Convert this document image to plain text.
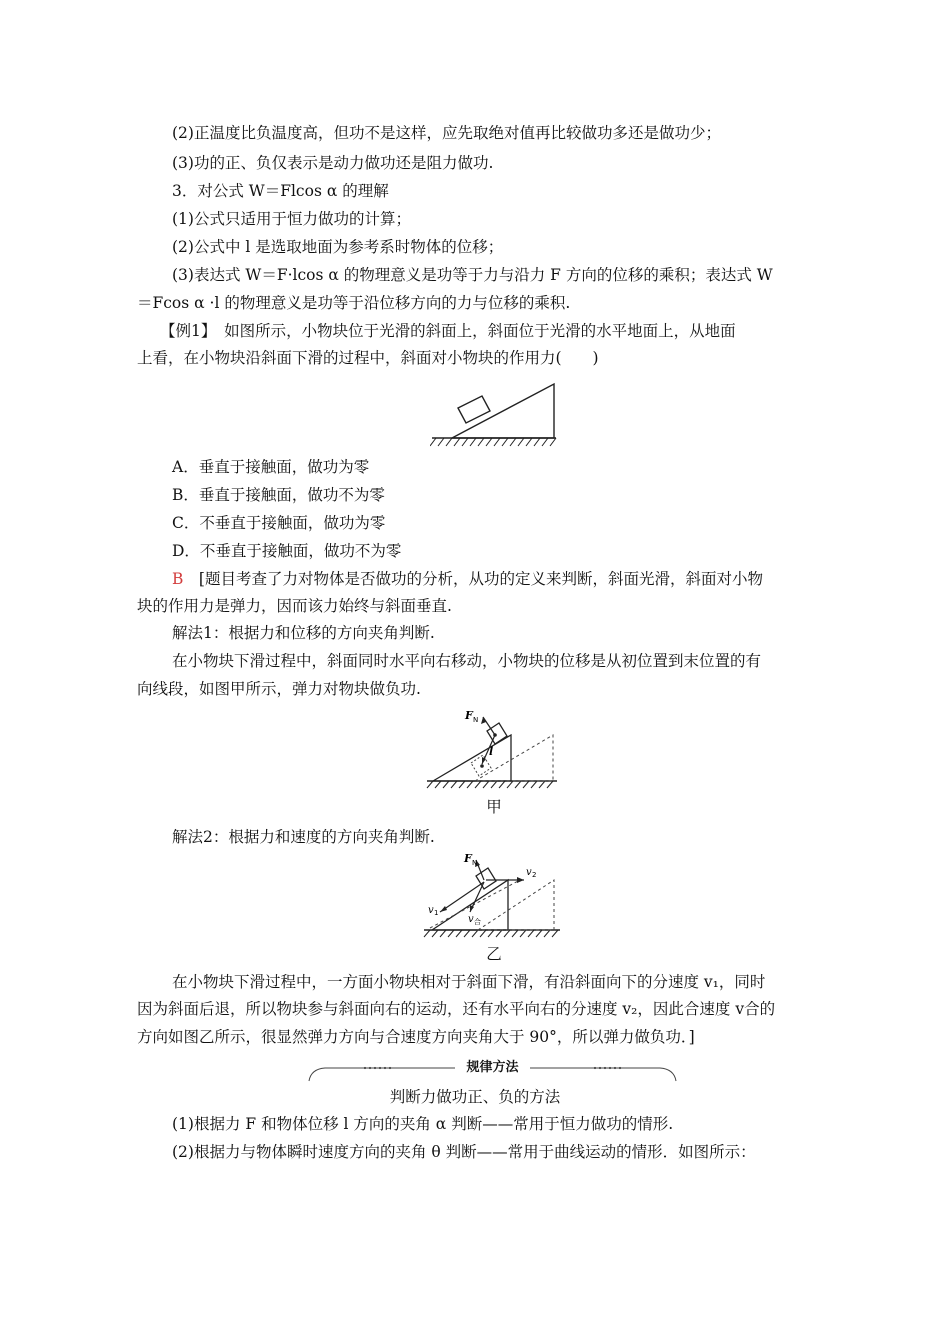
(2)正温度比负温度高，但功不是这样，应先取绝对值再比较做功多还是做功少；
(3)功的正、负仅表示是动力做功还是阻力做功.
3．对公式 W＝Flcos α 的理解
(1)公式只适用于恒力做功的计算；
(2)公式中 l 是选取地面为参考系时物体的位移；
(3)表达式 W＝F·lcos α 的物理意义是功等于力与沿力 F 方向的位移的乘积；表达式 W
＝Fcos α ·l 的物理意义是功等于沿位移方向的力与位移的乘积.
【例1】　如图所示，小物块位于光滑的斜面上，斜面位于光滑的水平地面上，从地面
上看，在小物块沿斜面下滑的过程中，斜面对小物块的作用力(　　)
A．垂直于接触面，做功为零
B．垂直于接触面，做功不为零
C．不垂直于接触面，做功为零
D．不垂直于接触面，做功不为零
B　[题目考查了力对物体是否做功的分析，从功的定义来判断，斜面光滑，斜面对小物
块的作用力是弹力，因而该力始终与斜面垂直.
解法1：根据力和位移的方向夹角判断.
在小物块下滑过程中，斜面同时水平向右移动，小物块的位移是从初位置到末位置的有
向线段，如图甲所示，弹力对物块做负功.
F N
l
甲
解法2：根据力和速度的方向夹角判断.
F N
v 2
v 1
v 合
乙
在小物块下滑过程中，一方面小物块相对于斜面下滑，有沿斜面向下的分速度 v₁，同时
因为斜面后退，所以物块参与斜面向右的运动，还有水平向右的分速度 v₂，因此合速度 v合的
方向如图乙所示，很显然弹力方向与合速度方向夹角大于 90°，所以弹力做负功．]
规律方法
判断力做功正、负的方法
(1)根据力 F 和物体位移 l 方向的夹角 α 判断——常用于恒力做功的情形.
(2)根据力与物体瞬时速度方向的夹角 θ 判断——常用于曲线运动的情形．如图所示：
